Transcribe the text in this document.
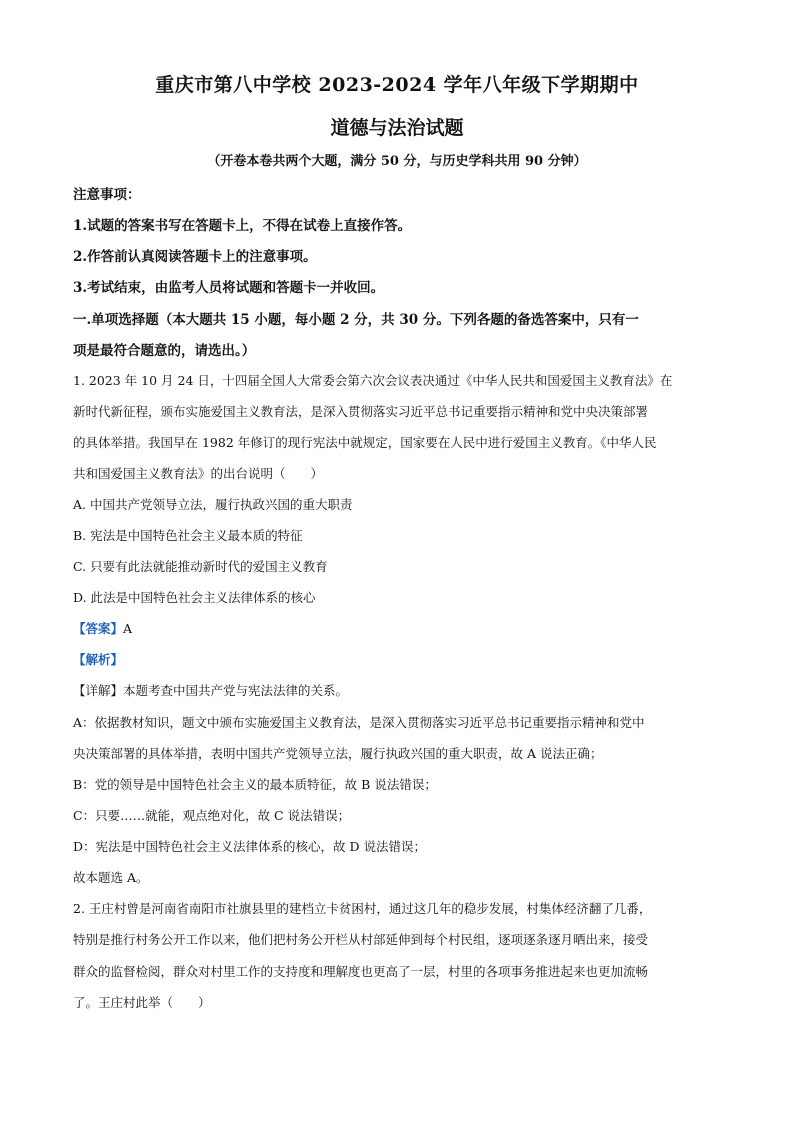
重庆市第八中学校 2023-2024 学年八年级下学期期中
道德与法治试题
（开卷本卷共两个大题，满分 50 分，与历史学科共用 90 分钟）
注意事项：
1.试题的答案书写在答题卡上，不得在试卷上直接作答。
2.作答前认真阅读答题卡上的注意事项。
3.考试结束，由监考人员将试题和答题卡一并收回。
一.单项选择题（本大题共 15 小题，每小题 2 分，共 30 分。下列各题的备选答案中，只有一
项是最符合题意的，请选出。）
1. 2023 年 10 月 24 日，十四届全国人大常委会第六次会议表决通过《中华人民共和国爱国主义教育法》在
新时代新征程，颁布实施爱国主义教育法，是深入贯彻落实习近平总书记重要指示精神和党中央决策部署
的具体举措。我国早在 1982 年修订的现行宪法中就规定，国家要在人民中进行爱国主义教育。《中华人民
共和国爱国主义教育法》的出台说明（　　）
A. 中国共产党领导立法，履行执政兴国的重大职责
B. 宪法是中国特色社会主义最本质的特征
C. 只要有此法就能推动新时代的爱国主义教育
D. 此法是中国特色社会主义法律体系的核心
【答案】A
【解析】
【详解】本题考查中国共产党与宪法法律的关系。
A：依据教材知识，题文中颁布实施爱国主义教育法，是深入贯彻落实习近平总书记重要指示精神和党中
央决策部署的具体举措，表明中国共产党领导立法，履行执政兴国的重大职责，故 A 说法正确；
B：党的领导是中国特色社会主义的最本质特征，故 B 说法错误；
C：只要……就能，观点绝对化，故 C 说法错误；
D：宪法是中国特色社会主义法律体系的核心，故 D 说法错误；
故本题选 A。
2. 王庄村曾是河南省南阳市社旗县里的建档立卡贫困村，通过这几年的稳步发展，村集体经济翻了几番，
特别是推行村务公开工作以来，他们把村务公开栏从村部延伸到每个村民组，逐项逐条逐月晒出来，接受
群众的监督检阅，群众对村里工作的支持度和理解度也更高了一层，村里的各项事务推进起来也更加流畅
了。王庄村此举（　　）
